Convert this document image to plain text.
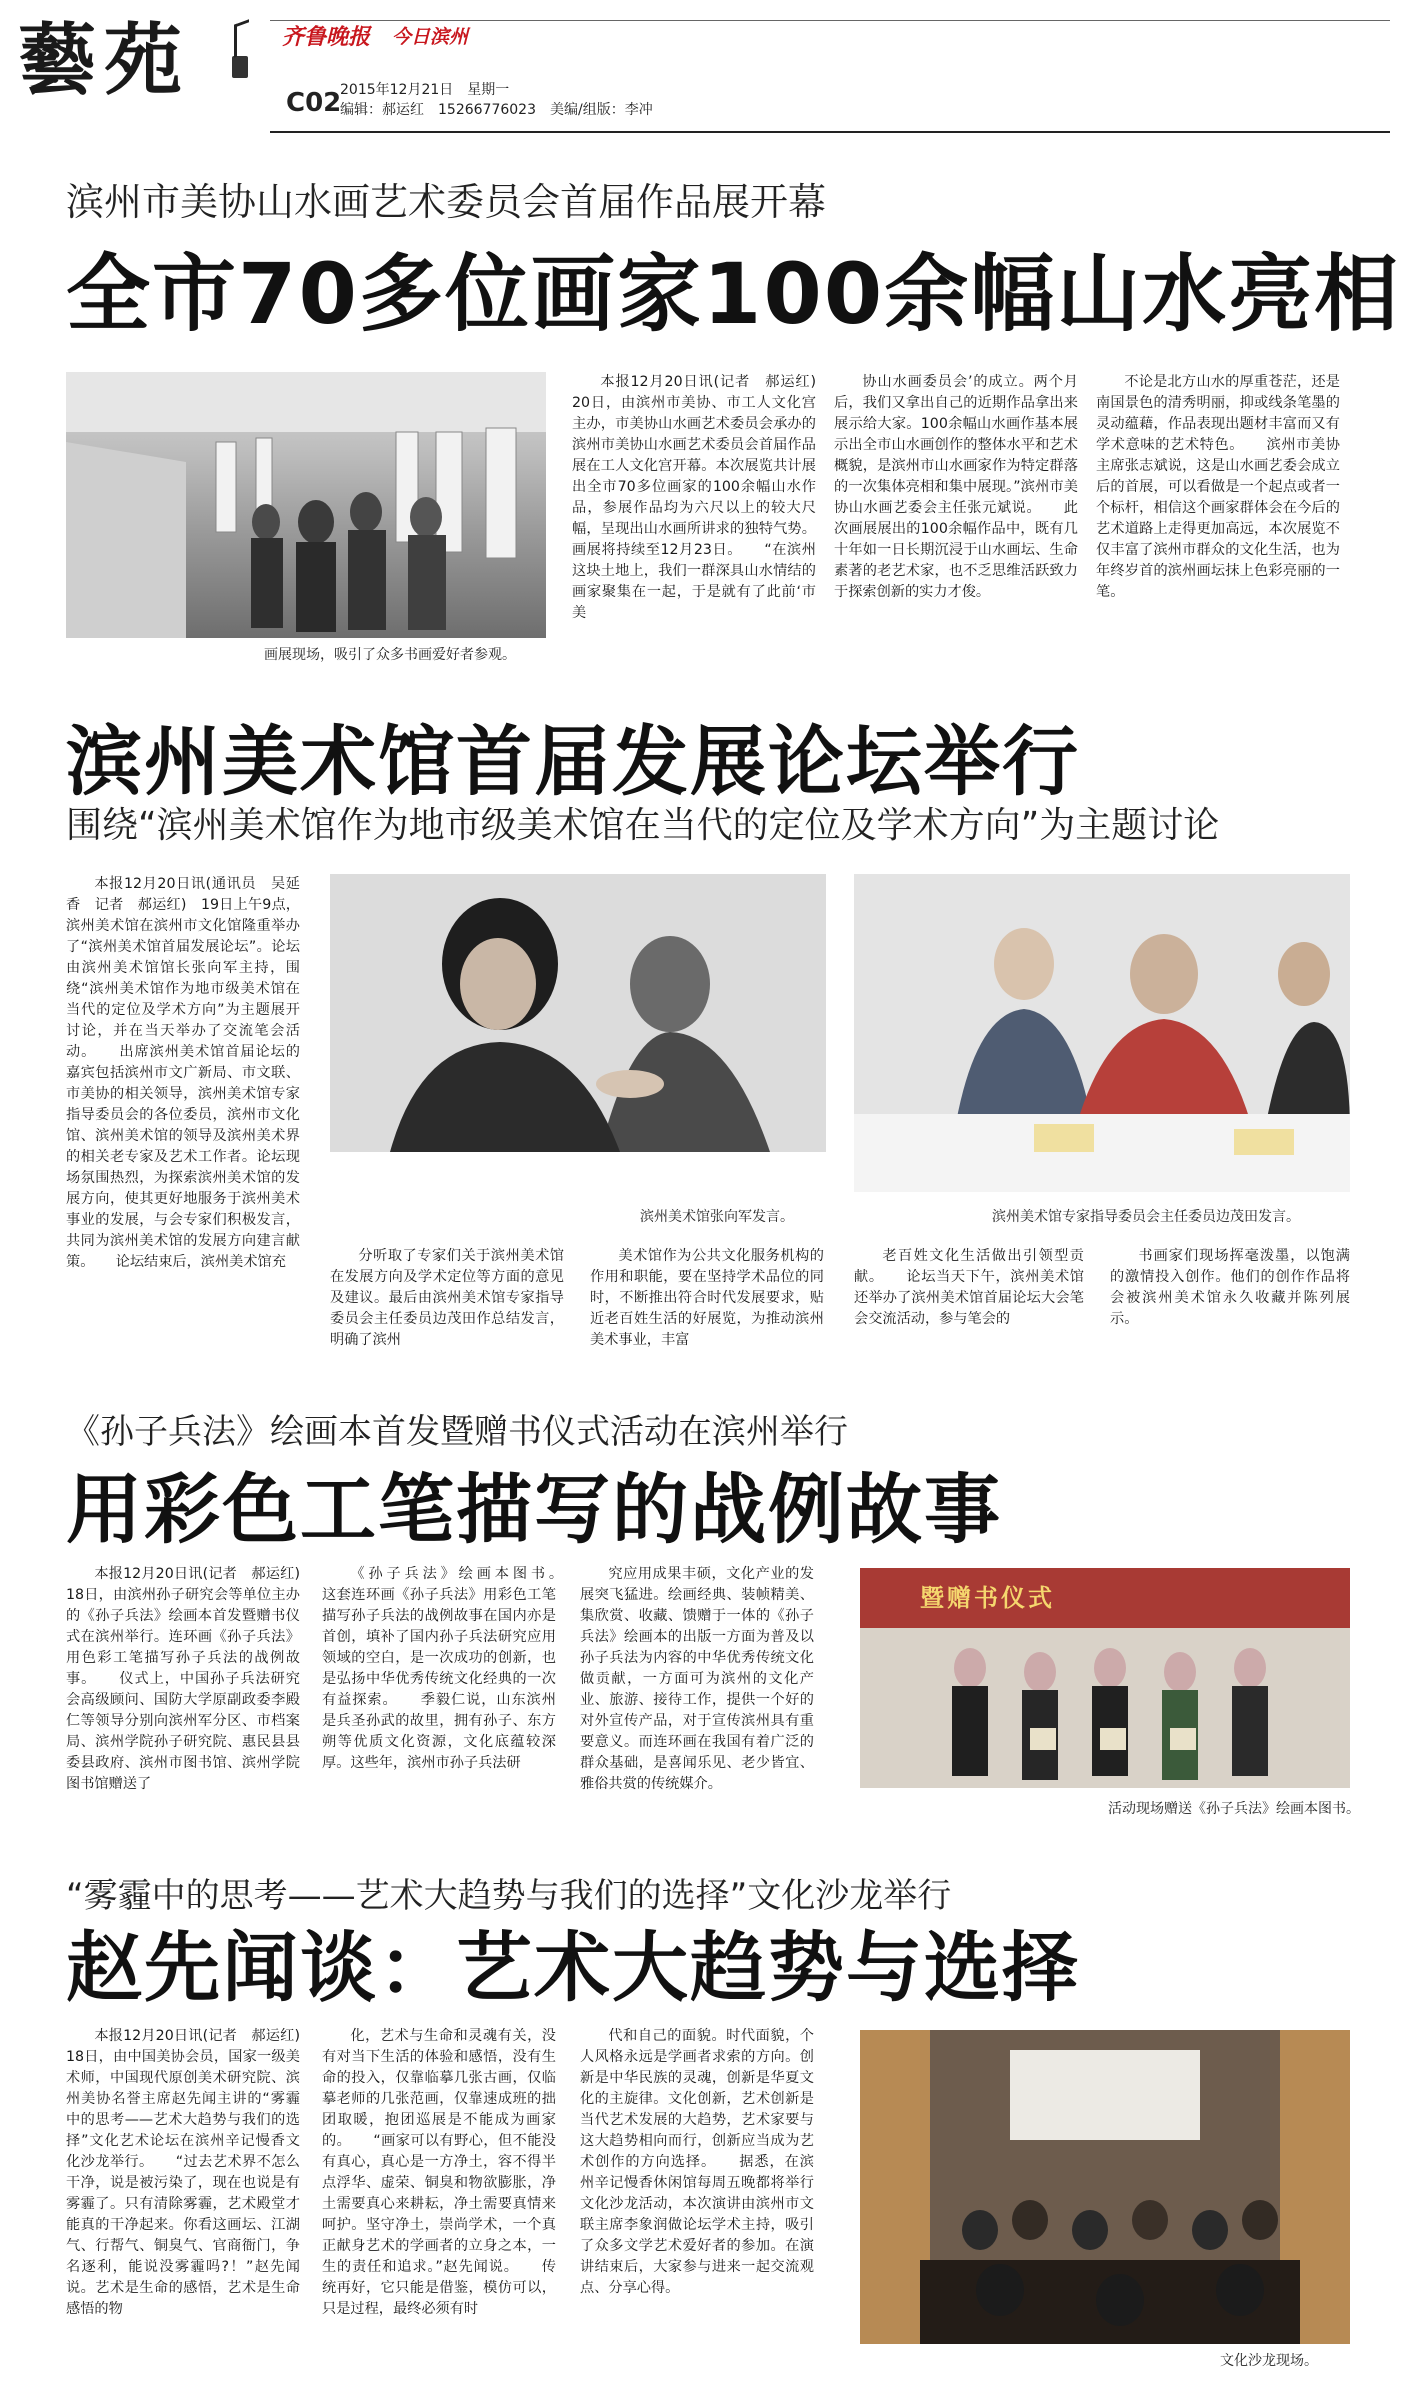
藝苑	齐鲁晚报 今日滨州
C02
2015年12月21日　星期一
编辑：郝运红　15266776023　美编/组版：李冲
滨州市美协山水画艺术委员会首届作品展开幕
全市70多位画家100余幅山水亮相
画展现场，吸引了众多书画爱好者参观。

本报12月20日讯(记者　郝运红)　20日，由滨州市美协、市工人文化宫主办，市美协山水画艺术委员会承办的滨州市美协山水画艺术委员会首届作品展在工人文化宫开幕。本次展览共计展出全市70多位画家的100余幅山水作品，参展作品均为六尺以上的较大尺幅，呈现出山水画所讲求的独特气势。画展将持续至12月23日。　　“在滨州这块土地上，我们一群深具山水情结的画家聚集在一起，于是就有了此前‘市美

协山水画委员会’的成立。两个月后，我们又拿出自己的近期作品拿出来展示给大家。100余幅山水画作基本展示出全市山水画创作的整体水平和艺术概貌，是滨州市山水画家作为特定群落的一次集体亮相和集中展现。”滨州市美协山水画艺委会主任张元斌说。　　此次画展展出的100余幅作品中，既有几十年如一日长期沉浸于山水画坛、生命素著的老艺术家，也不乏思维活跃致力于探索创新的实力才俊。

不论是北方山水的厚重苍茫，还是南国景色的清秀明丽，抑或线条笔墨的灵动蕴藉，作品表现出题材丰富而又有学术意味的艺术特色。　　滨州市美协主席张志斌说，这是山水画艺委会成立后的首展，可以看做是一个起点或者一个标杆，相信这个画家群体会在今后的艺术道路上走得更加高远，本次展览不仅丰富了滨州市群众的文化生活，也为年终岁首的滨州画坛抹上色彩亮丽的一笔。

滨州美术馆首届发展论坛举行
围绕“滨州美术馆作为地市级美术馆在当代的定位及学术方向”为主题讨论

本报12月20日讯(通讯员　吴延香　记者　郝运红)　19日上午9点，滨州美术馆在滨州市文化馆隆重举办了“滨州美术馆首届发展论坛”。论坛由滨州美术馆馆长张向军主持，围绕“滨州美术馆作为地市级美术馆在当代的定位及学术方向”为主题展开讨论，并在当天举办了交流笔会活动。　　出席滨州美术馆首届论坛的嘉宾包括滨州市文广新局、市文联、市美协的相关领导，滨州美术馆专家指导委员会的各位委员，滨州市文化馆、滨州美术馆的领导及滨州美术界的相关老专家及艺术工作者。论坛现场氛围热烈，为探索滨州美术馆的发展方向，使其更好地服务于滨州美术事业的发展，与会专家们积极发言，共同为滨州美术馆的发展方向建言献策。　　论坛结束后，滨州美术馆充

滨州美术馆张向军发言。	滨州美术馆专家指导委员会主任委员边茂田发言。

分听取了专家们关于滨州美术馆在发展方向及学术定位等方面的意见及建议。最后由滨州美术馆专家指导委员会主任委员边茂田作总结发言，明确了滨州

美术馆作为公共文化服务机构的作用和职能，要在坚持学术品位的同时，不断推出符合时代发展要求，贴近老百姓生活的好展览，为推动滨州美术事业，丰富

老百姓文化生活做出引领型贡献。　　论坛当天下午，滨州美术馆还举办了滨州美术馆首届论坛大会笔会交流活动，参与笔会的

书画家们现场挥毫泼墨，以饱满的激情投入创作。他们的创作作品将会被滨州美术馆永久收藏并陈列展示。

《孙子兵法》绘画本首发暨赠书仪式活动在滨州举行
用彩色工笔描写的战例故事

本报12月20日讯(记者　郝运红)　18日，由滨州孙子研究会等单位主办的《孙子兵法》绘画本首发暨赠书仪式在滨州举行。连环画《孙子兵法》用色彩工笔描写孙子兵法的战例故事。　　仪式上，中国孙子兵法研究会高级顾问、国防大学原副政委李殿仁等领导分别向滨州军分区、市档案局、滨州学院孙子研究院、惠民县县委县政府、滨州市图书馆、滨州学院图书馆赠送了

《孙子兵法》绘画本图书。　　这套连环画《孙子兵法》用彩色工笔描写孙子兵法的战例故事在国内亦是首创，填补了国内孙子兵法研究应用领域的空白，是一次成功的创新，也是弘扬中华优秀传统文化经典的一次有益探索。　　季毅仁说，山东滨州是兵圣孙武的故里，拥有孙子、东方朔等优质文化资源，文化底蕴较深厚。这些年，滨州市孙子兵法研

究应用成果丰硕，文化产业的发展突飞猛进。绘画经典、装帧精美、集欣赏、收藏、馈赠于一体的《孙子兵法》绘画本的出版一方面为普及以孙子兵法为内容的中华优秀传统文化做贡献，一方面可为滨州的文化产业、旅游、接待工作，提供一个好的对外宣传产品，对于宣传滨州具有重要意义。而连环画在我国有着广泛的群众基础，是喜闻乐见、老少皆宜、雅俗共赏的传统媒介。

暨赠书仪式
活动现场赠送《孙子兵法》绘画本图书。
“雾霾中的思考——艺术大趋势与我们的选择”文化沙龙举行
赵先闻谈：艺术大趋势与选择

本报12月20日讯(记者　郝运红)　18日，由中国美协会员，国家一级美术师，中国现代原创美术研究院、滨州美协名誉主席赵先闻主讲的“雾霾中的思考——艺术大趋势与我们的选择”文化艺术论坛在滨州辛记慢香文化沙龙举行。　　“过去艺术界不怎么干净，说是被污染了，现在也说是有雾霾了。只有清除雾霾，艺术殿堂才能真的干净起来。你看这画坛、江湖气、行帮气、铜臭气、官商衙门，争名逐利，能说没雾霾吗?！”赵先闻说。艺术是生命的感悟，艺术是生命感悟的物

化，艺术与生命和灵魂有关，没有对当下生活的体验和感悟，没有生命的投入，仅靠临摹几张古画，仅临摹老师的几张范画，仅靠速成班的拙团取暖，抱团巡展是不能成为画家的。　　“画家可以有野心，但不能没有真心，真心是一方净土，容不得半点浮华、虚荣、铜臭和物欲膨胀，净土需要真心来耕耘，净土需要真情来呵护。坚守净土，崇尚学术，一个真正献身艺术的学画者的立身之本，一生的责任和追求。”赵先闻说。　　传统再好，它只能是借鉴，模仿可以，只是过程，最终必须有时

代和自己的面貌。时代面貌，个人风格永远是学画者求索的方向。创新是中华民族的灵魂，创新是华夏文化的主旋律。文化创新，艺术创新是当代艺术发展的大趋势，艺术家要与这大趋势相向而行，创新应当成为艺术创作的方向选择。　　据悉，在滨州辛记慢香休闲馆每周五晚都将举行文化沙龙活动，本次演讲由滨州市文联主席李象润做论坛学术主持，吸引了众多文学艺术爱好者的参加。在演讲结束后，大家参与进来一起交流观点、分享心得。

文化沙龙现场。
